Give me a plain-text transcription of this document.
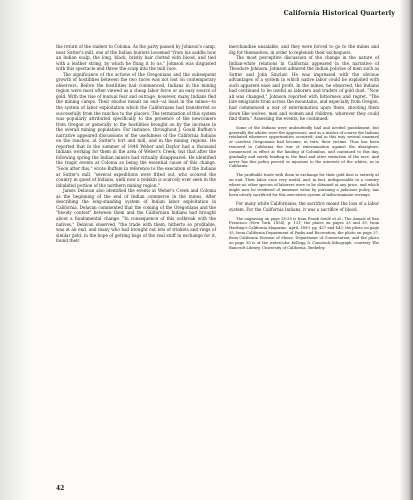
California Historical Quarterly

the return of the raiders to Coloma. As the party passed by Johnson's camp, near Sutter's mill, one of the Indian hunters loosened "from his saddle bow an Indian scalp, the long, black, bristly hair clotted with blood, and tied with a leather string, by which he flung it to us." Johnson was disgusted with this spectacle and threw the scalp into the mill race.

The significance of the actions of the Oregonians and the subsequent growth of hostilities between the two races was not lost on contemporary observers. Before the hostilities had commenced, Indians in the mining region were most often viewed as a cheap labor force or an easy source of gold. With the rise of mutual fear and outrage, however, many Indians fled the mining camps. Their exodus meant an end—at least in the mines—to the system of labor exploitation which the Californians had transferred so successfully from the ranchos to the placers. The termination of this system was popularly attributed specifically to the presence of the newcomers from Oregon or generally to the hostilities brought on by the increase in the overall mining population. For instance, throughout J. Gould Buffum's narrative appeared discussions of the usefulness of the California Indians on the ranchos, at Sutter's fort and mill, and in the mining regions. He reported that in the summer of 1848 Weber and Daylor had a thousand Indians working for them in the area of Weber's Creek, but that after the following spring the Indian miners had virtually disappeared. He identified the tragic events at Coloma as being the essential cause of this change. "Soon after this," wrote Buffum in reference to the execution of the Indians at Sutter's mill, "several expeditions were fitted out, who scoured the country in quest of Indians, until now a redskin is scarcely ever seen in the inhabited portion of the northern mining region."

James Delavan also identified the events at Weber's Creek and Coloma as the beginning of the end of Indian commerce in the mines. After describing the long-standing system of Indian labor exploitation in California, Delavan commented that the coming of the Oregonians and the "bloody contest" between them and the Californian Indians had brought about a fundamental change. "In consequence of this outbreak with the natives," Delavan observed, "the trade with them, hitherto so profitable, was at an end, and many who had brought out lots of trinkets and rings of similar gold, in the hope of getting bags of the real stuff in exchange for it, found their

merchandise unsalable, and they were forced to go to the mines and dig for themselves, in order to replenish their exchequers.

The most perceptive discussion of the change in the nature of Indian-white relations in California appeared in the narrative of Theodore Johnson. Johnson admired the Indian policies of men such as Sutter and John Sinclair. He was impressed with the obvious advantages of a system in which native labor could be exploited with such apparent ease and profit. In the mines, he observed, the Indians had continued to be useful as laborers and traders of gold dust. "Now all was changed," Johnson reported with bitterness and regret. "The late emigrants from across the mountains, and especially from Oregon, had commenced a war of extermination upon them, shooting them down like wolves, men and women and children, wherever they could find them." Assessing the events, he continued:

Some of the Indians were undoubtedly bad and needed punishment, but generally the whites were the aggressors; and as a matter of course the Indians retaliated whenever opportunities occurred; and in this way several unarmed or careless Oregonians had become, in turn, their victims. Thus has been renewed in California the war of extermination against the aborigines, commenced in effect at the landing of Columbus, and continued to this day, gradually and surely tending to the final and utter extinction of the race. And never has this policy proved so injurious to the interests of the whites, as in California.

The profitable trade with them in exchange for their gold dust is entirely at an end. Their labor once very useful, and, in fact, indispensable in a country where no other species of laborers were to be obtained at any price, and which might now be rendered of immense value by pursuing a judicious policy, has been utterly sacrificed for this execrative system of indiscriminate revenge.

For many white Californians, the sacrifice meant the loss of a labor system. For the California Indians, it was a sacrifice of blood.

The engraving on page 28-29 is from Frank Soulé et al., The Annals of San Francisco (New York, 1854), p. 131; the plates on pages 33 and 39, from Harding's California Magazine, April, 1859, pp. 437 and 443; the photo on page 35, from California Department of Parks and Recreation; the photo on page 37, from California Division of Mines, Department of Conservation; and the photo on page 30 is of the watercolor Kellogg & Comstock lithograph, courtesy The Bancroft Library, University of California, Berkeley.

42
